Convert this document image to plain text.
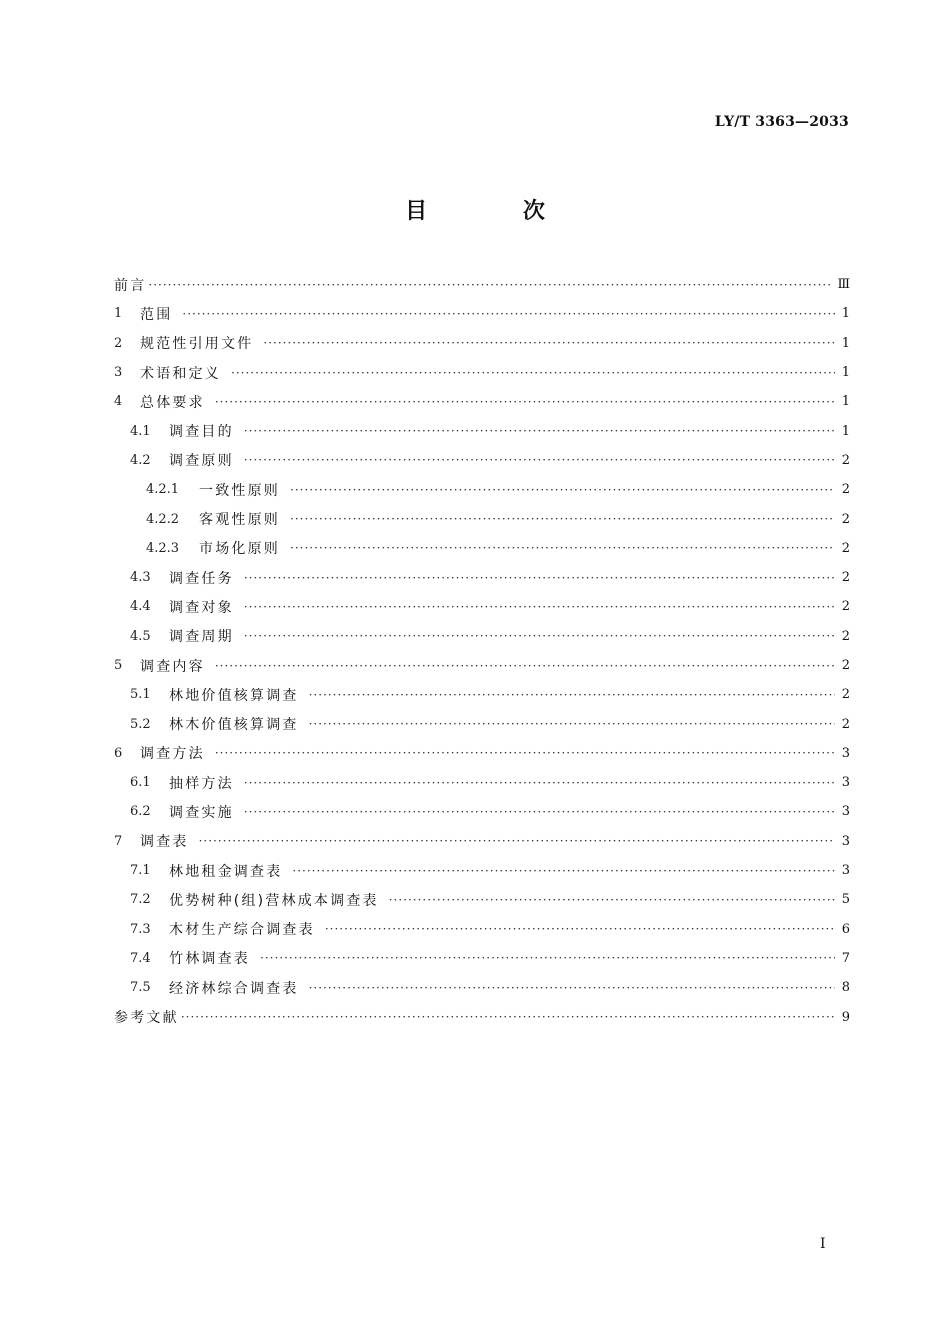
LY/T 3363—2033
目 次
前言 ·····	Ⅲ
1	范围 ·····	1
2	规范性引用文件 ·····	1
3	术语和定义 ·····	1
4	总体要求 ·····	1
4.1	调查目的 ·····	1
4.2	调查原则 ·····	2
4.2.1	一致性原则 ·····	2
4.2.2	客观性原则 ·····	2
4.2.3	市场化原则 ·····	2
4.3	调查任务 ·····	2
4.4	调查对象 ·····	2
4.5	调查周期 ·····	2
5	调查内容 ·····	2
5.1	林地价值核算调查 ·····	2
5.2	林木价值核算调查 ·····	2
6	调查方法 ·····	3
6.1	抽样方法 ·····	3
6.2	调查实施 ·····	3
7	调查表 ·····	3
7.1	林地租金调查表 ·····	3
7.2	优势树种(组)营林成本调查表 ·····	5
7.3	木材生产综合调查表 ·····	6
7.4	竹林调查表 ·····	7
7.5	经济林综合调查表 ·····	8
参考文献 ·····	9
I
